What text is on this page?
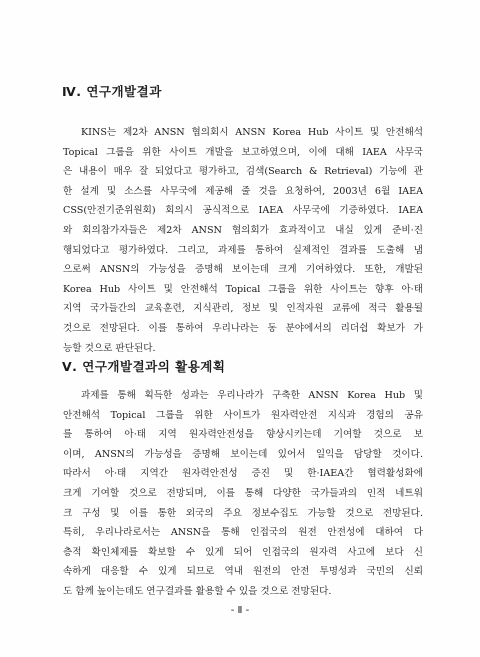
Ⅳ. 연구개발결과
KINS는 제2차 ANSN 협의회시 ANSN Korea Hub 사이트 및 안전해석
Topical 그룹을 위한 사이트 개발을 보고하였으며, 이에 대해 IAEA 사무국
은 내용이 매우 잘 되었다고 평가하고, 검색(Search & Retrieval) 기능에 관
한 설계 및 소스를 사무국에 제공해 줄 것을 요청하여, 2003년 6월 IAEA
CSS(안전기준위원회) 회의시 공식적으로 IAEA 사무국에 기증하였다. IAEA
와 회의참가자들은 제2차 ANSN 협의회가 효과적이고 내실 있게 준비·진
행되었다고 평가하였다. 그리고, 과제를 통하여 실제적인 결과를 도출해 냄
으로써 ANSN의 가능성을 증명해 보이는데 크게 기여하였다. 또한, 개발된
Korea Hub 사이트 및 안전해석 Topical 그룹을 위한 사이트는 향후 아·태
지역 국가들간의 교육훈련, 지식관리, 정보 및 인적자원 교류에 적극 활용될
것으로 전망된다. 이를 통하여 우리나라는 동 분야에서의 리더쉽 확보가 가
능할 것으로 판단된다.
Ⅴ. 연구개발결과의 활용계획
과제를 통해 획득한 성과는 우리나라가 구축한 ANSN Korea Hub 및
안전해석 Topical 그룹을 위한 사이트가 원자력안전 지식과 경험의 공유
를 통하여 아·태 지역 원자력안전성을 향상시키는데 기여할 것으로 보
이며, ANSN의 가능성을 증명해 보이는데 있어서 일익을 담당할 것이다.
따라서 아·태 지역간 원자력안전성 증진 및 한·IAEA간 협력활성화에
크게 기여할 것으로 전망되며, 이를 통해 다양한 국가들과의 인적 네트워
크 구성 및 이를 통한 외국의 주요 정보수집도 가능할 것으로 전망된다.
특히, 우리나라로서는 ANSN을 통해 인접국의 원전 안전성에 대하여 다
층적 확인체제를 확보할 수 있게 되어 인접국의 원자력 사고에 보다 신
속하게 대응할 수 있게 되므로 역내 원전의 안전 투명성과 국민의 신뢰
도 함께 높이는데도 연구결과를 활용할 수 있을 것으로 전망된다.
- Ⅱ -
